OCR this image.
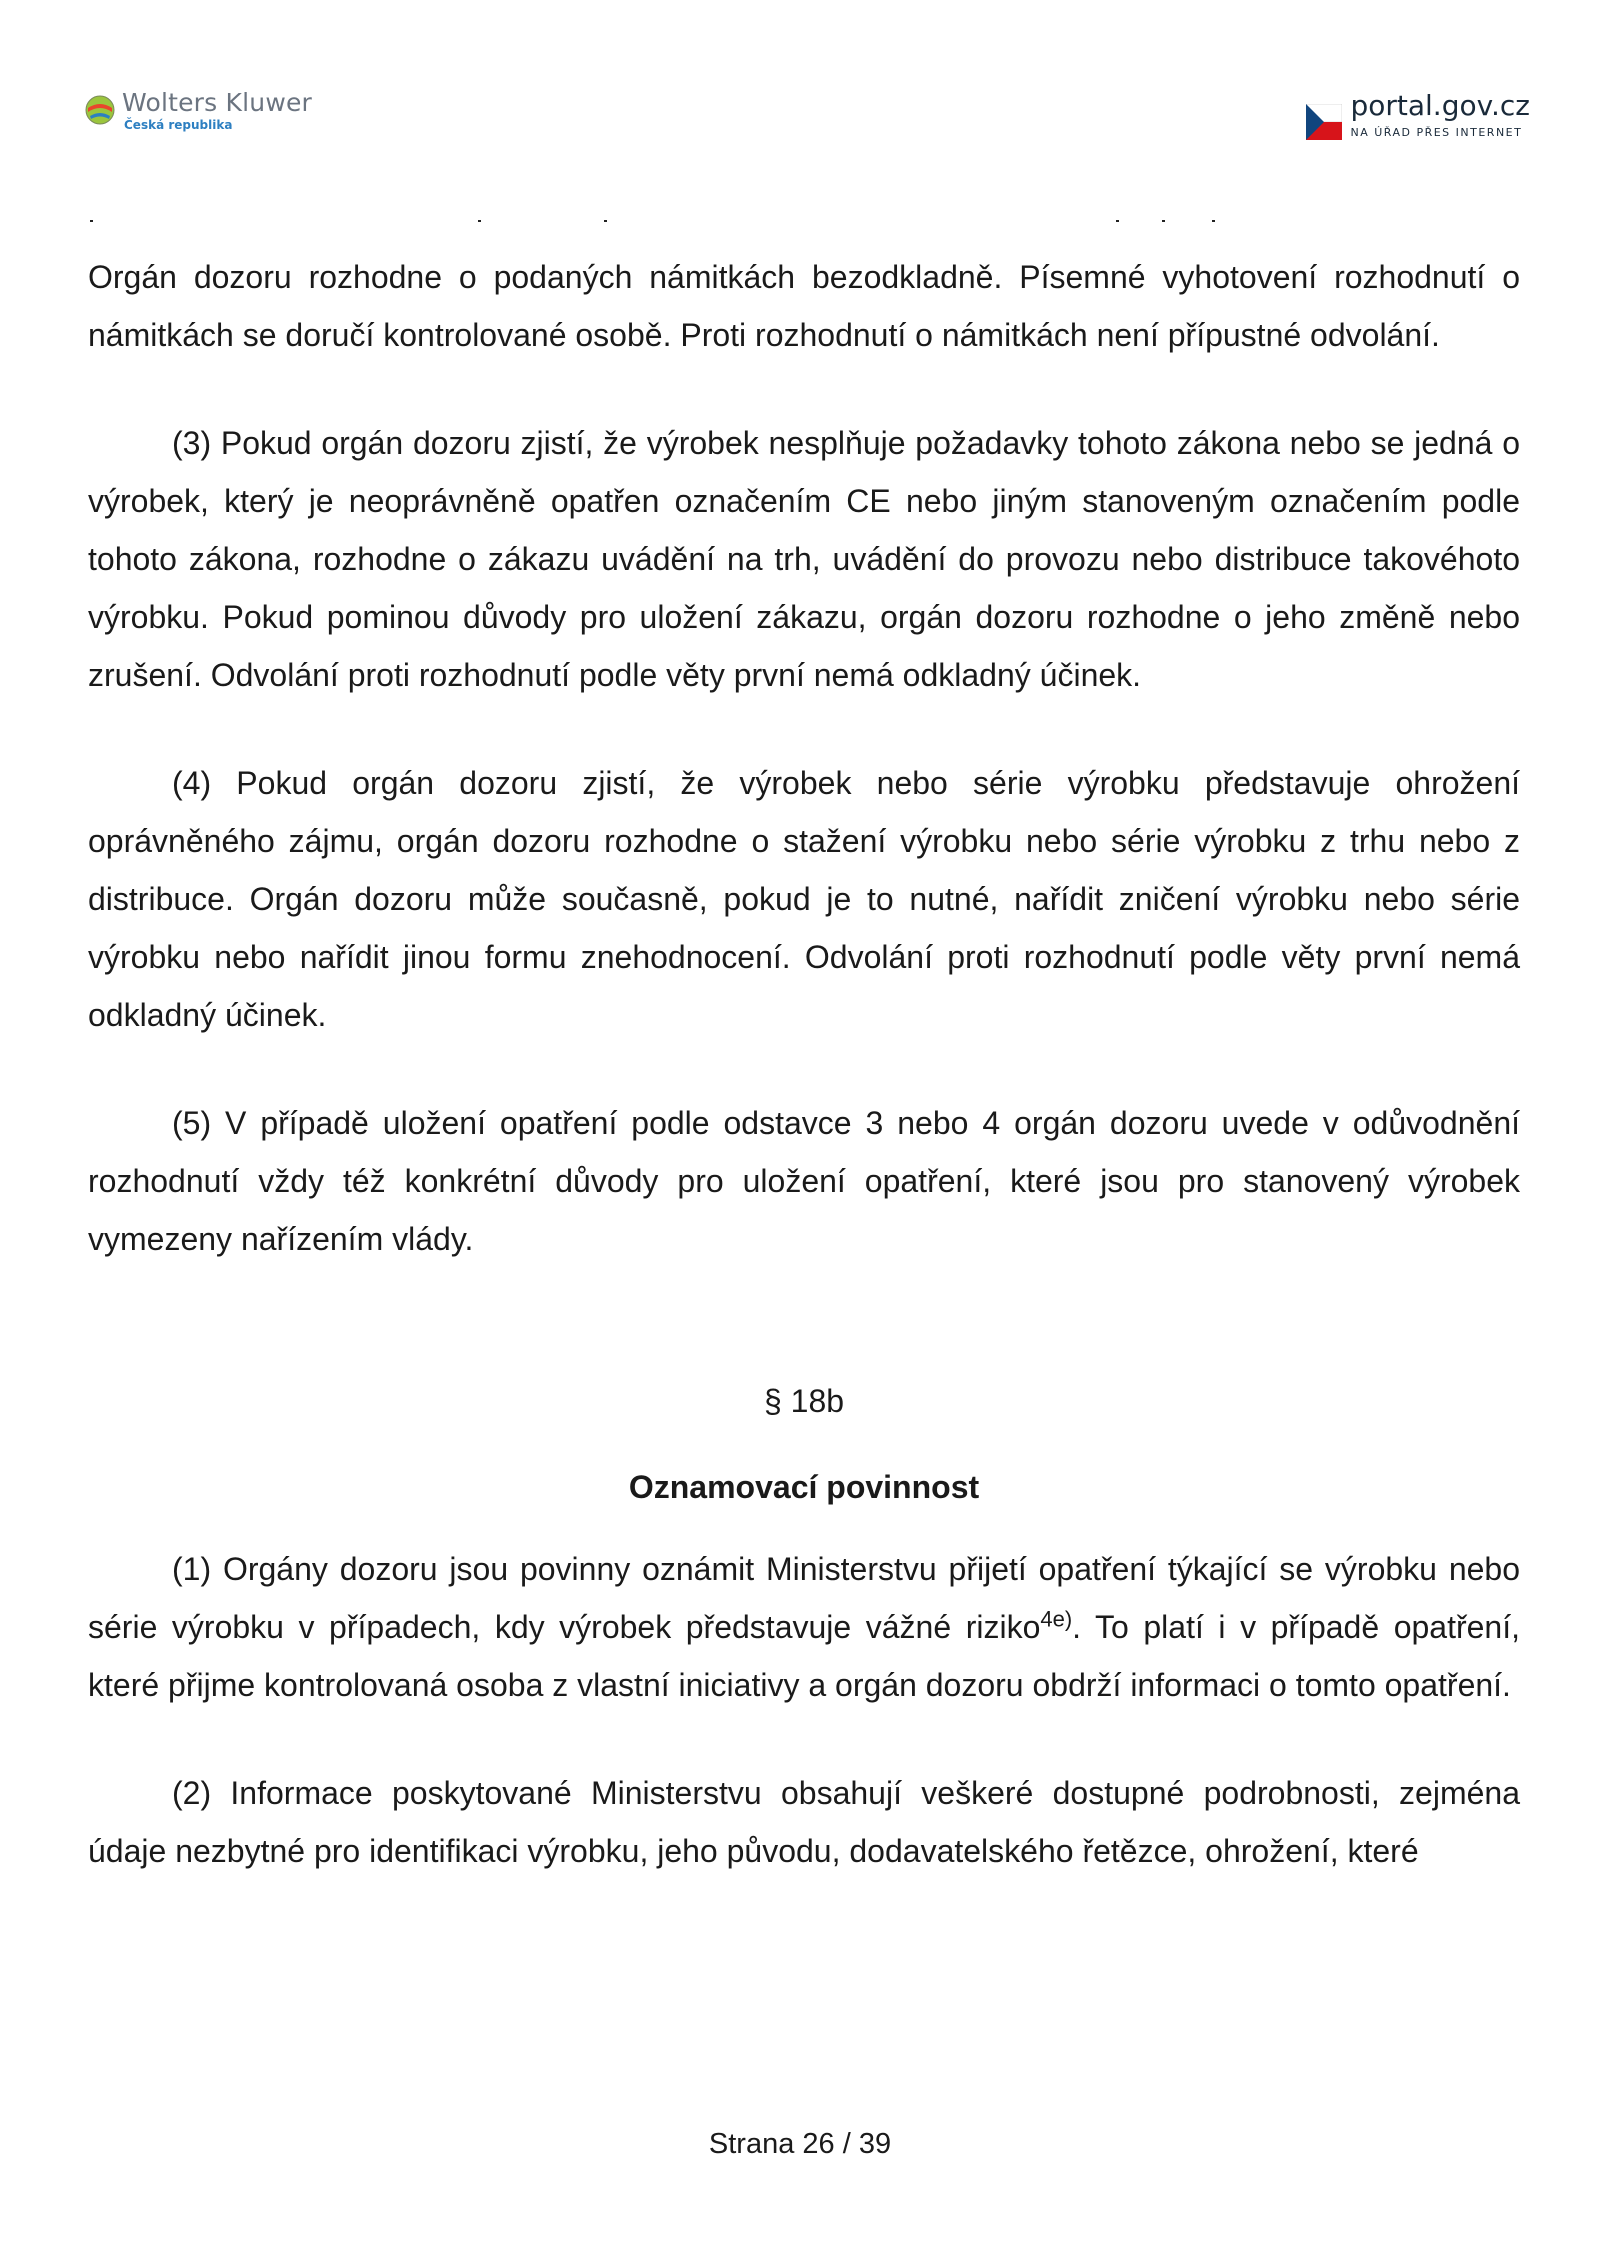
Wolters Kluwer
Česká republika
portal.gov.cz
NA ÚŘAD PŘES INTERNET

Orgán dozoru rozhodne o podaných námitkách bezodkladně. Písemné vyhotovení rozhodnutí o námitkách se doručí kontrolované osobě. Proti rozhodnutí o námitkách není přípustné odvolání.

(3) Pokud orgán dozoru zjistí, že výrobek nesplňuje požadavky tohoto zákona nebo se jedná o výrobek, který je neoprávněně opatřen označením CE nebo jiným stanoveným označením podle tohoto zákona, rozhodne o zákazu uvádění na trh, uvádění do provozu nebo distribuce takovéhoto výrobku. Pokud pominou důvody pro uložení zákazu, orgán dozoru rozhodne o jeho změně nebo zrušení. Odvolání proti rozhodnutí podle věty první nemá odkladný účinek.

(4) Pokud orgán dozoru zjistí, že výrobek nebo série výrobku představuje ohrožení oprávněného zájmu, orgán dozoru rozhodne o stažení výrobku nebo série výrobku z trhu nebo z distribuce. Orgán dozoru může současně, pokud je to nutné, nařídit zničení výrobku nebo série výrobku nebo nařídit jinou formu znehodnocení. Odvolání proti rozhodnutí podle věty první nemá odkladný účinek.

(5) V případě uložení opatření podle odstavce 3 nebo 4 orgán dozoru uvede v odůvodnění rozhodnutí vždy též konkrétní důvody pro uložení opatření, které jsou pro stanovený výrobek vymezeny nařízením vlády.

§ 18b

Oznamovací povinnost

(1) Orgány dozoru jsou povinny oznámit Ministerstvu přijetí opatření týkající se výrobku nebo série výrobku v případech, kdy výrobek představuje vážné riziko$^{4e)}$. To platí i v případě opatření, které přijme kontrolovaná osoba z vlastní iniciativy a orgán dozoru obdrží informaci o tomto opatření.

(2) Informace poskytované Ministerstvu obsahují veškeré dostupné podrobnosti, zejména údaje nezbytné pro identifikaci výrobku, jeho původu, dodavatelského řetězce, ohrožení, které

Strana 26 / 39
